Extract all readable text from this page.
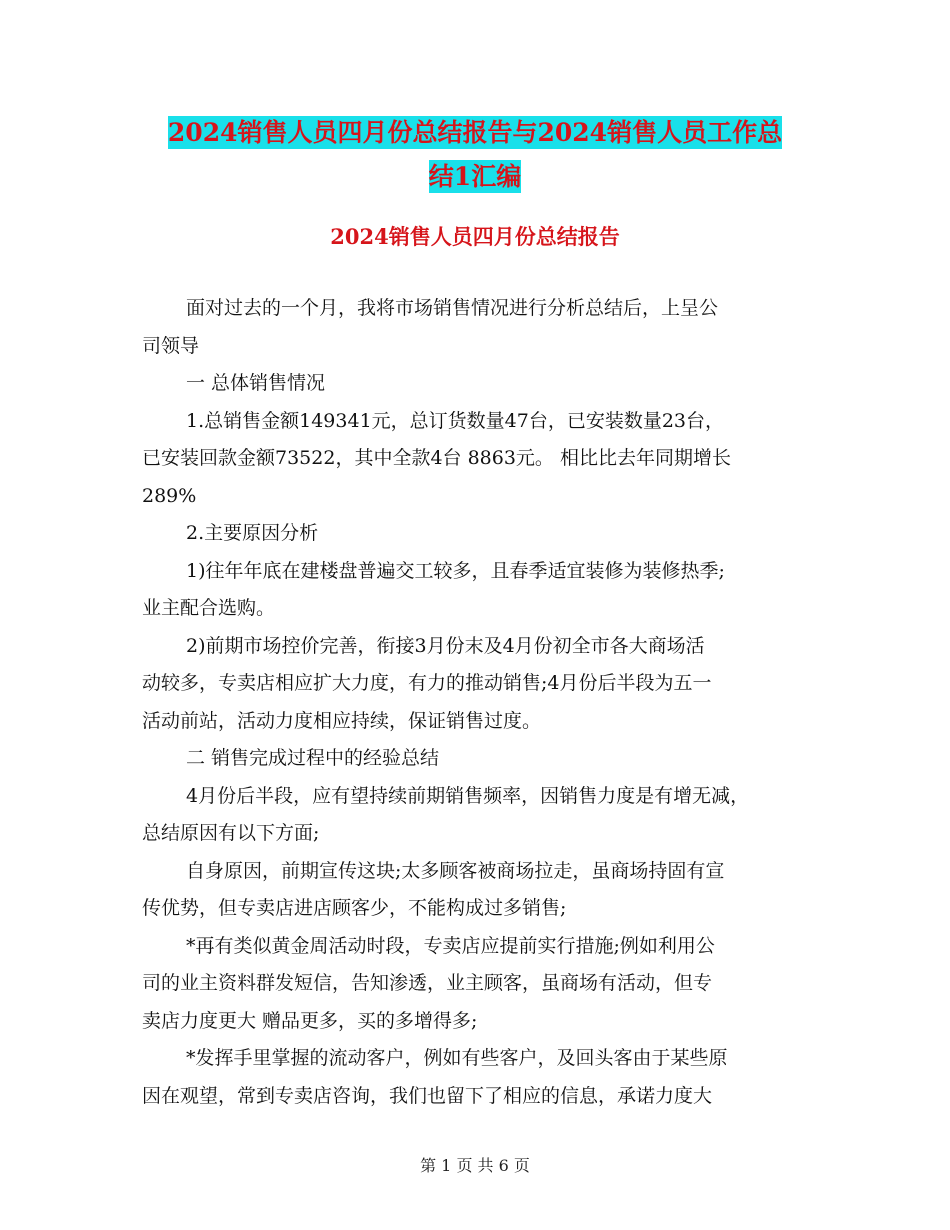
2024销售人员四月份总结报告与2024销售人员工作总
结1汇编
2024销售人员四月份总结报告
面对过去的一个月，我将市场销售情况进行分析总结后，上呈公
司领导
一 总体销售情况
1.总销售金额149341元，总订货数量47台，已安装数量23台，
已安装回款金额73522，其中全款4台 8863元。 相比比去年同期增长
289%
2.主要原因分析
1)往年年底在建楼盘普遍交工较多，且春季适宜装修为装修热季;
业主配合选购。
2)前期市场控价完善，衔接3月份末及4月份初全市各大商场活
动较多，专卖店相应扩大力度，有力的推动销售;4月份后半段为五一
活动前站，活动力度相应持续，保证销售过度。
二 销售完成过程中的经验总结
4月份后半段，应有望持续前期销售频率，因销售力度是有增无减，
总结原因有以下方面;
自身原因，前期宣传这块;太多顾客被商场拉走，虽商场持固有宣
传优势，但专卖店进店顾客少，不能构成过多销售;
*再有类似黄金周活动时段，专卖店应提前实行措施;例如利用公
司的业主资料群发短信，告知渗透，业主顾客，虽商场有活动，但专
卖店力度更大 赠品更多，买的多增得多;
*发挥手里掌握的流动客户，例如有些客户，及回头客由于某些原
因在观望，常到专卖店咨询，我们也留下了相应的信息，承诺力度大
第 1 页 共 6 页
